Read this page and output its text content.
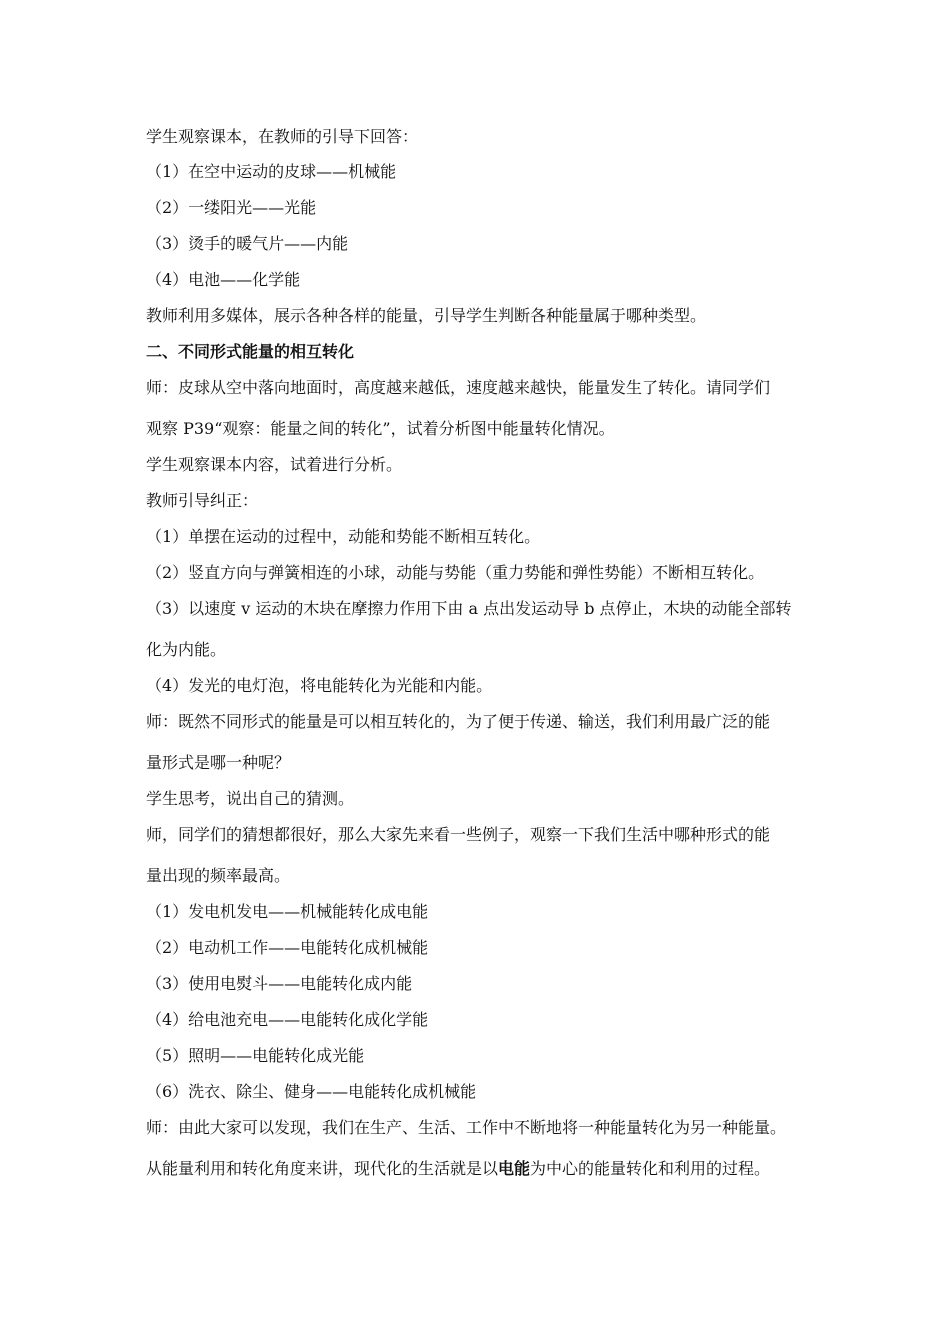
学生观察课本，在教师的引导下回答：
（1）在空中运动的皮球——机械能
（2）一缕阳光——光能
（3）烫手的暖气片——内能
（4）电池——化学能
教师利用多媒体，展示各种各样的能量，引导学生判断各种能量属于哪种类型。
二、不同形式能量的相互转化
师：皮球从空中落向地面时，高度越来越低，速度越来越快，能量发生了转化。请同学们
观察 P39“观察：能量之间的转化”，试着分析图中能量转化情况。
学生观察课本内容，试着进行分析。
教师引导纠正：
（1）单摆在运动的过程中，动能和势能不断相互转化。
（2）竖直方向与弹簧相连的小球，动能与势能（重力势能和弹性势能）不断相互转化。
（3）以速度 v 运动的木块在摩擦力作用下由 a 点出发运动导 b 点停止，木块的动能全部转
化为内能。
（4）发光的电灯泡，将电能转化为光能和内能。
师：既然不同形式的能量是可以相互转化的，为了便于传递、输送，我们利用最广泛的能
量形式是哪一种呢？
学生思考，说出自己的猜测。
师，同学们的猜想都很好，那么大家先来看一些例子，观察一下我们生活中哪种形式的能
量出现的频率最高。
（1）发电机发电——机械能转化成电能
（2）电动机工作——电能转化成机械能
（3）使用电熨斗——电能转化成内能
（4）给电池充电——电能转化成化学能
（5）照明——电能转化成光能
（6）洗衣、除尘、健身——电能转化成机械能
师：由此大家可以发现，我们在生产、生活、工作中不断地将一种能量转化为另一种能量。
从能量利用和转化角度来讲，现代化的生活就是以电能为中心的能量转化和利用的过程。
